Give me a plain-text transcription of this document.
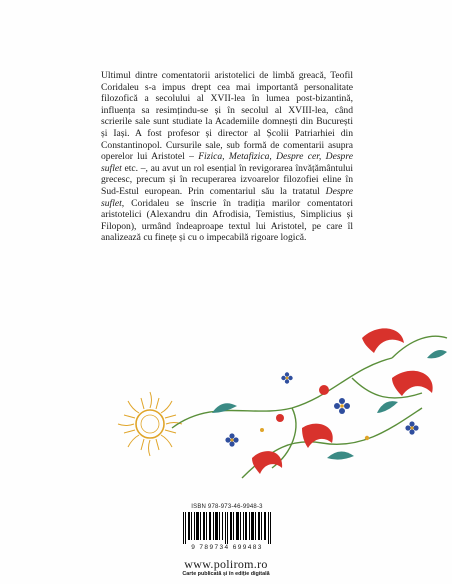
Ultimul dintre comentatorii aristotelici de limbă greacă, Teofil Coridaleu s-a impus drept cea mai importantă personalitate filozofică a secolului al XVII-lea în lumea post-bizantină, influența sa resimțindu-se și în secolul al XVIII-lea, când scrierile sale sunt studiate la Academiile domnești din București și Iași. A fost profesor și director al Școlii Patriarhiei din Constantinopol. Cursurile sale, sub formă de comentarii asupra operelor lui Aristotel – Fizica, Metafizica, Despre cer, Despre suflet etc. –, au avut un rol esențial în revigorarea învățământului grecesc, precum și în recuperarea izvoarelor filozofiei eline în Sud-Estul european. Prin comentariul său la tratatul Despre suflet, Coridaleu se înscrie în tradiția marilor comentatori aristotelici (Alexandru din Afrodisia, Temistius, Simplicius și Filopon), urmând îndeaproape textul lui Aristotel, pe care îl analizează cu finețe și cu o impecabilă rigoare logică.
ISBN 978-973-46-9948-3
9 789734 699483
www.polirom.ro
Carte publicată și în ediție digitală
